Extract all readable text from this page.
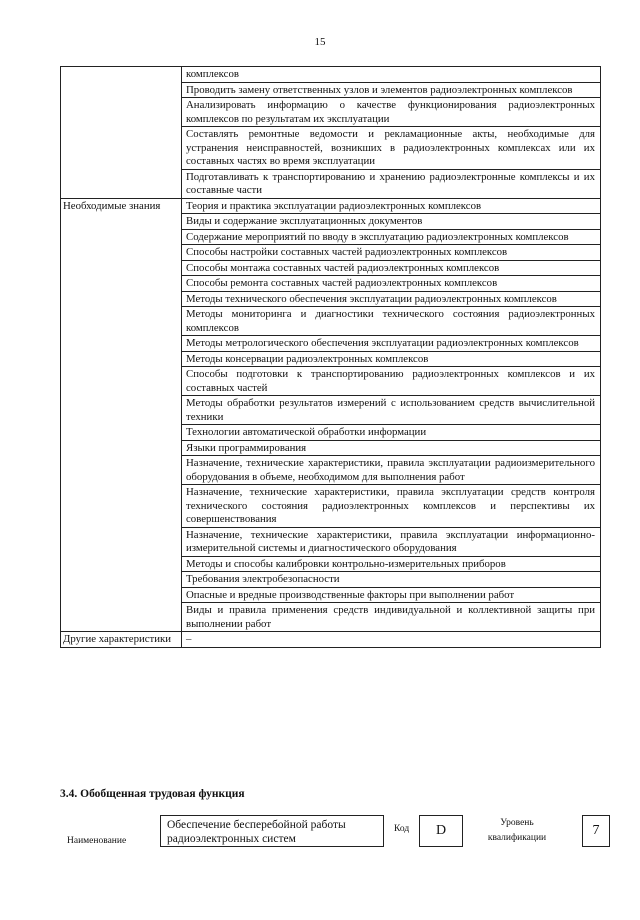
15
	комплексов
	Проводить замену ответственных узлов и элементов радиоэлектронных комплексов
	Анализировать информацию о качестве функционирования радиоэлектронных комплексов по результатам их эксплуатации
	Составлять ремонтные ведомости и рекламационные акты, необходимые для устранения неисправностей, возникших в радиоэлектронных комплексах или их составных частях во время эксплуатации
	Подготавливать к транспортированию и хранению радиоэлектронные комплексы и их составные части
Необходимые знания	Теория и практика эксплуатации радиоэлектронных комплексов
	Виды и содержание эксплуатационных документов
	Содержание мероприятий по вводу в эксплуатацию радиоэлектронных комплексов
	Способы настройки составных частей радиоэлектронных комплексов
	Способы монтажа составных частей радиоэлектронных комплексов
	Способы ремонта составных частей радиоэлектронных комплексов
	Методы технического обеспечения эксплуатации радиоэлектронных комплексов
	Методы мониторинга и диагностики технического состояния радиоэлектронных комплексов
	Методы метрологического обеспечения эксплуатации радиоэлектронных комплексов
	Методы консервации радиоэлектронных комплексов
	Способы подготовки к транспортированию радиоэлектронных комплексов и их составных частей
	Методы обработки результатов измерений с использованием средств вычислительной техники
	Технологии автоматической обработки информации
	Языки программирования
	Назначение, технические характеристики, правила эксплуатации радиоизмерительного оборудования в объеме, необходимом для выполнения работ
	Назначение, технические характеристики, правила эксплуатации средств контроля технического состояния радиоэлектронных комплексов и перспективы их совершенствования
	Назначение, технические характеристики, правила эксплуатации информационно-измерительной системы и диагностического оборудования
	Методы и способы калибровки контрольно-измерительных приборов
	Требования электробезопасности
	Опасные и вредные производственные факторы при выполнении работ
	Виды и правила применения средств индивидуальной и коллективной защиты при выполнении работ
Другие характеристики	–
3.4. Обобщенная трудовая функция
Наименование
Обеспечение бесперебойной работы радиоэлектронных систем
Код	D	Уровень квалификации	7
